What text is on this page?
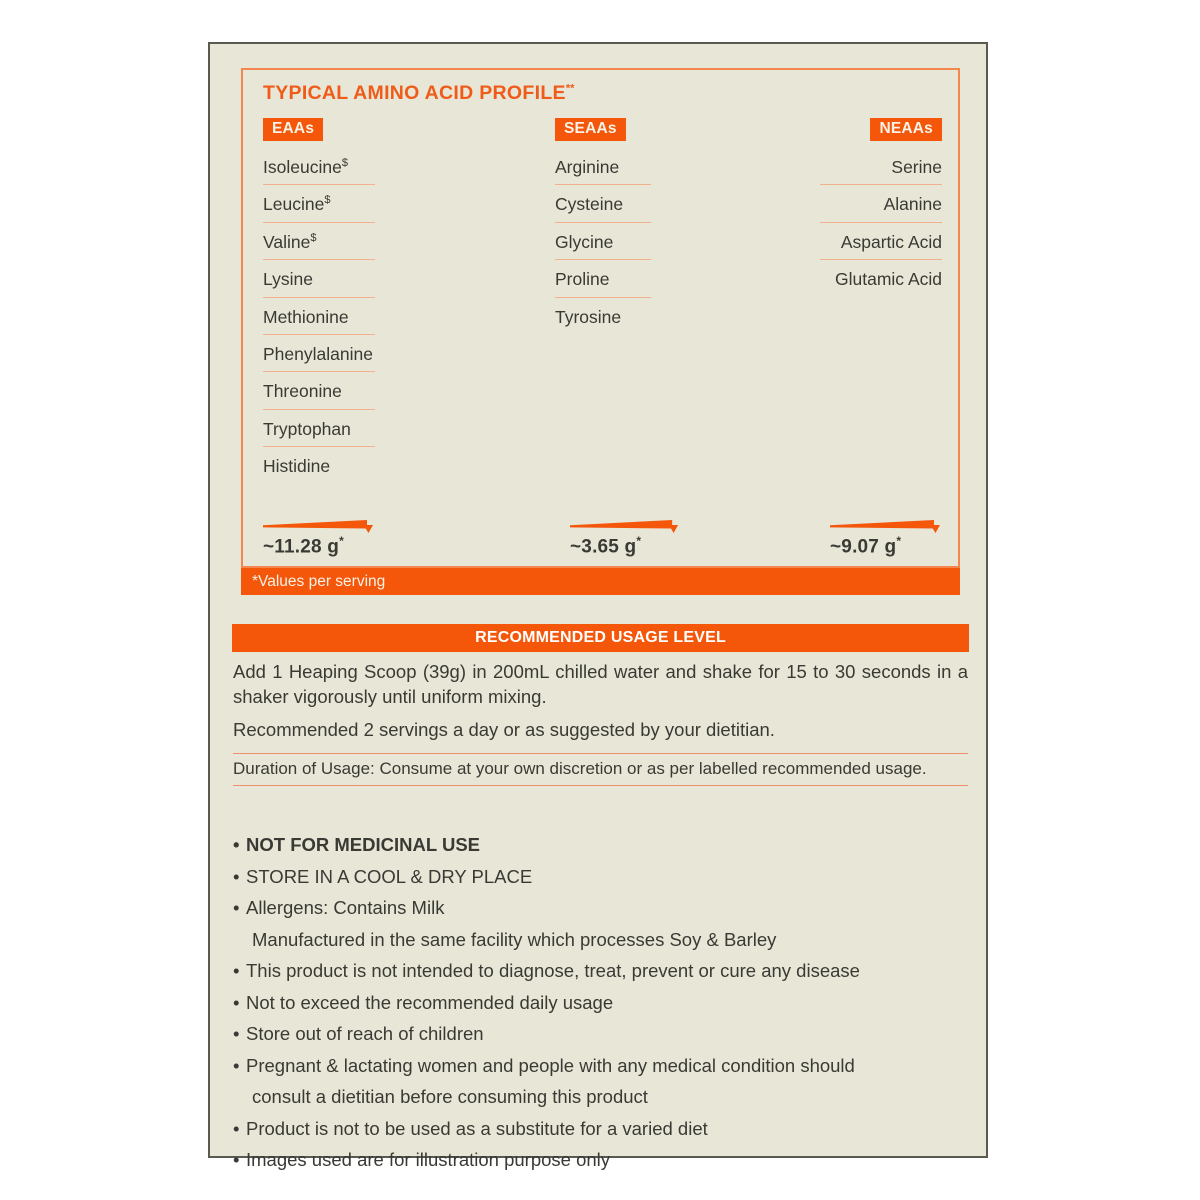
TYPICAL AMINO ACID PROFILE**
EAAs
Isoleucine$
Leucine$
Valine$
Lysine
Methionine
Phenylalanine
Threonine
Tryptophan
Histidine
SEAAs
Arginine
Cysteine
Glycine
Proline
Tyrosine
NEAAs
Serine
Alanine
Aspartic Acid
Glutamic Acid
~11.28 g*	~3.65 g*	~9.07 g*
*Values per serving
RECOMMENDED USAGE LEVEL

Add 1 Heaping Scoop (39g) in 200mL chilled water and shake for 15 to 30 seconds in a shaker vigorously until uniform mixing.

Recommended 2 servings a day or as suggested by your dietitian.

Duration of Usage: Consume at your own discretion or as per labelled recommended usage.
• NOT FOR MEDICINAL USE
• STORE IN A COOL & DRY PLACE
• Allergens: Contains Milk
Manufactured in the same facility which processes Soy & Barley
• This product is not intended to diagnose, treat, prevent or cure any disease
• Not to exceed the recommended daily usage
• Store out of reach of children
• Pregnant & lactating women and people with any medical condition should
consult a dietitian before consuming this product
• Product is not to be used as a substitute for a varied diet
• Images used are for illustration purpose only
